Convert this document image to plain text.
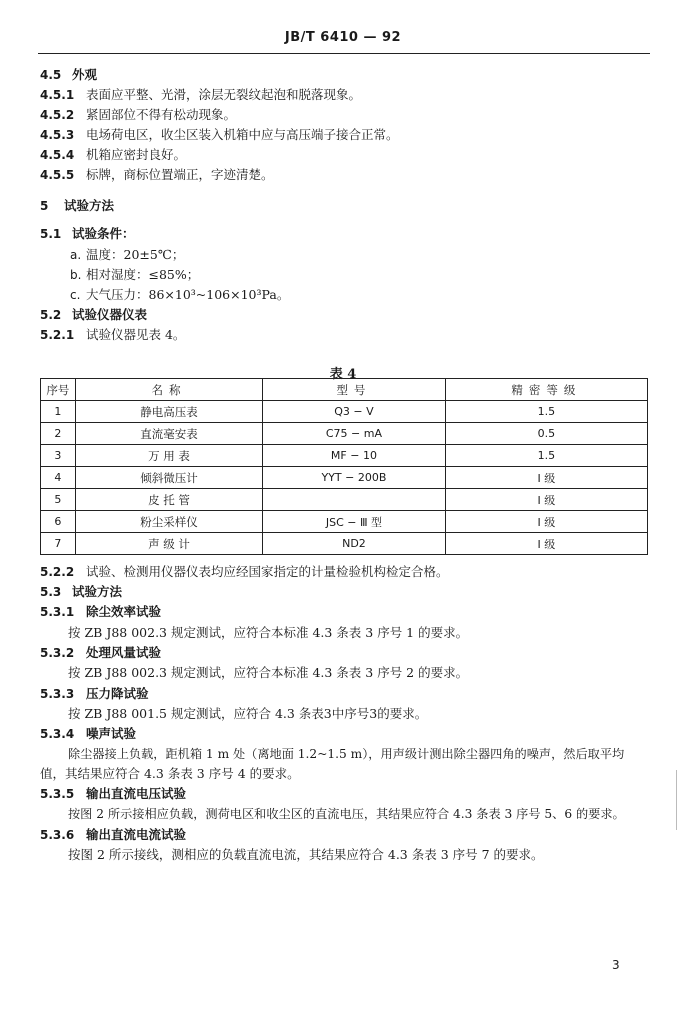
JB/T 6410 — 92
4.5 外观
4.5.1 表面应平整、光滑，涂层无裂纹起泡和脱落现象。
4.5.2 紧固部位不得有松动现象。
4.5.3 电场荷电区，收尘区装入机箱中应与高压端子接合正常。
4.5.4 机箱应密封良好。
4.5.5 标牌，商标位置端正，字迹清楚。
5 试验方法
5.1 试验条件：
a. 温度：20±5℃；
b. 相对湿度：≤85%；
c. 大气压力：86×10³~106×10³Pa。
5.2 试验仪器仪表
5.2.1 试验仪器见表 4。
表 4
序号	名称	型号	精密等级
1	静电高压表	Q3 − V	1.5
2	直流毫安表	C75 − mA	0.5
3	万 用 表	MF − 10	1.5
4	倾斜微压计	YYT − 200B	Ⅰ 级
5	皮 托 管		Ⅰ 级
6	粉尘采样仪	JSC − Ⅲ 型	Ⅰ 级
7	声 级 计	ND2	Ⅰ 级
5.2.2 试验、检测用仪器仪表均应经国家指定的计量检验机构检定合格。
5.3 试验方法
5.3.1 除尘效率试验
按 ZB J88 002.3 规定测试，应符合本标准 4.3 条表 3 序号 1 的要求。
5.3.2 处理风量试验
按 ZB J88 002.3 规定测试，应符合本标准 4.3 条表 3 序号 2 的要求。
5.3.3 压力降试验
按 ZB J88 001.5 规定测试，应符合 4.3 条表3中序号3的要求。
5.3.4 噪声试验
除尘器接上负载，距机箱 1 m 处（离地面 1.2~1.5 m），用声级计测出除尘器四角的噪声，然后取平均
值，其结果应符合 4.3 条表 3 序号 4 的要求。
5.3.5 输出直流电压试验
按图 2 所示接相应负载，测荷电区和收尘区的直流电压，其结果应符合 4.3 条表 3 序号 5、6 的要求。
5.3.6 输出直流电流试验
按图 2 所示接线，测相应的负载直流电流，其结果应符合 4.3 条表 3 序号 7 的要求。
3
